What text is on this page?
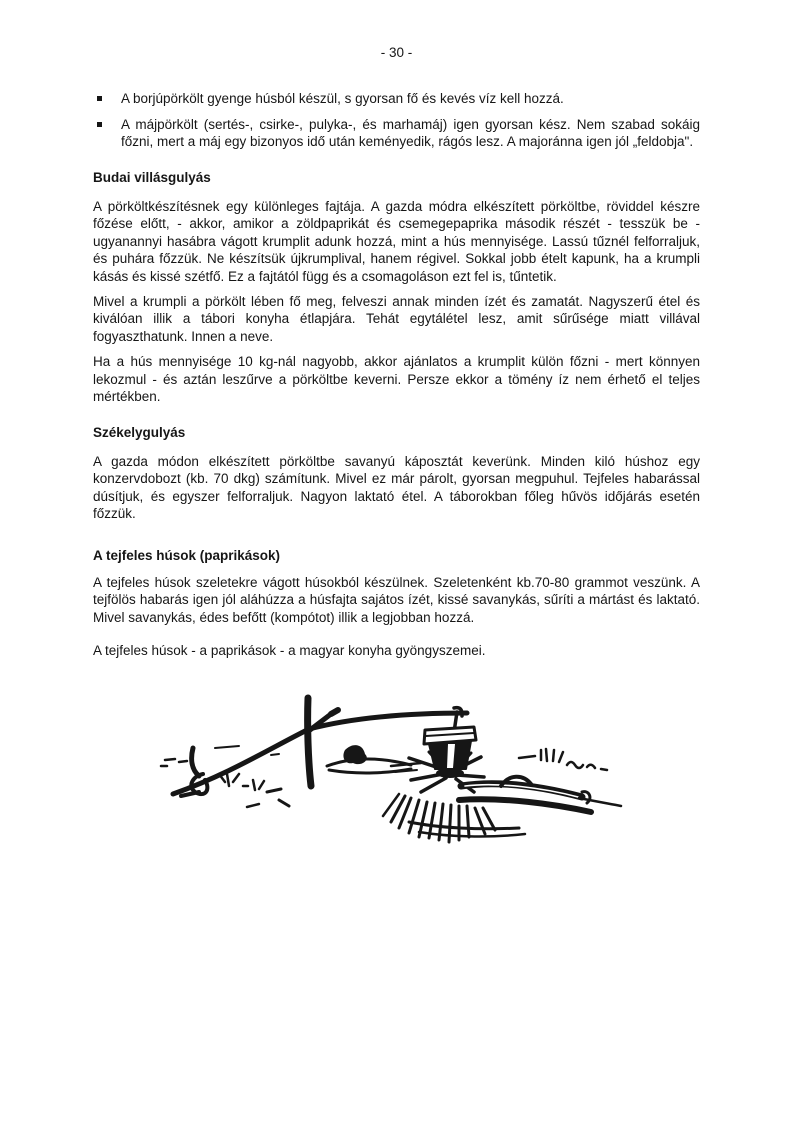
- 30 -
A borjúpörkölt gyenge húsból készül, s gyorsan fő és kevés víz kell hozzá.
A májpörkölt (sertés-, csirke-, pulyka-, és marhamáj) igen gyorsan kész. Nem szabad sokáig főzni, mert a máj egy bizonyos idő után keményedik, rágós lesz. A majoránna igen jól „feldobja".
Budai villásgulyás

A pörköltkészítésnek egy különleges fajtája. A gazda módra elkészített pörköltbe, röviddel készre főzése előtt, - akkor, amikor a zöldpaprikát és csemegepaprika második részét - tesszük be - ugyanannyi hasábra vágott krumplit adunk hozzá, mint a hús mennyisége. Lassú tűznél felforraljuk, és puhára főzzük. Ne készítsük újkrumplival, hanem régivel. Sokkal jobb ételt kapunk, ha a krumpli kásás és kissé szétfő. Ez a fajtától függ és a csomagoláson ezt fel is, tűntetik.

Mivel a krumpli a pörkölt lében fő meg, felveszi annak minden ízét és zamatát. Nagyszerű étel és kiválóan illik a tábori konyha étlapjára. Tehát egytálétel lesz, amit sűrűsége miatt villával fogyaszthatunk. Innen a neve.

Ha a hús mennyisége 10 kg-nál nagyobb, akkor ajánlatos a krumplit külön főzni - mert könnyen lekozmul - és aztán leszűrve a pörköltbe keverni. Persze ekkor a tömény íz nem érhető el teljes mértékben.

Székelygulyás

A gazda módon elkészített pörköltbe savanyú káposztát keverünk. Minden kiló húshoz egy konzervdobozt (kb. 70 dkg) számítunk. Mivel ez már párolt, gyorsan megpuhul. Tejfeles habarással dúsítjuk, és egyszer felforraljuk. Nagyon laktató étel. A táborokban főleg hűvös időjárás esetén főzzük.

A tejfeles húsok (paprikások)

A tejfeles húsok szeletekre vágott húsokból készülnek. Szeletenként kb.70-80 grammot veszünk. A tejfölös habarás igen jól aláhúzza a húsfajta sajátos ízét, kissé savanykás, sűríti a mártást és laktató. Mivel savanykás, édes befőtt (kompótot) illik a legjobban hozzá.

A tejfeles húsok - a paprikások - a magyar konyha gyöngyszemei.
